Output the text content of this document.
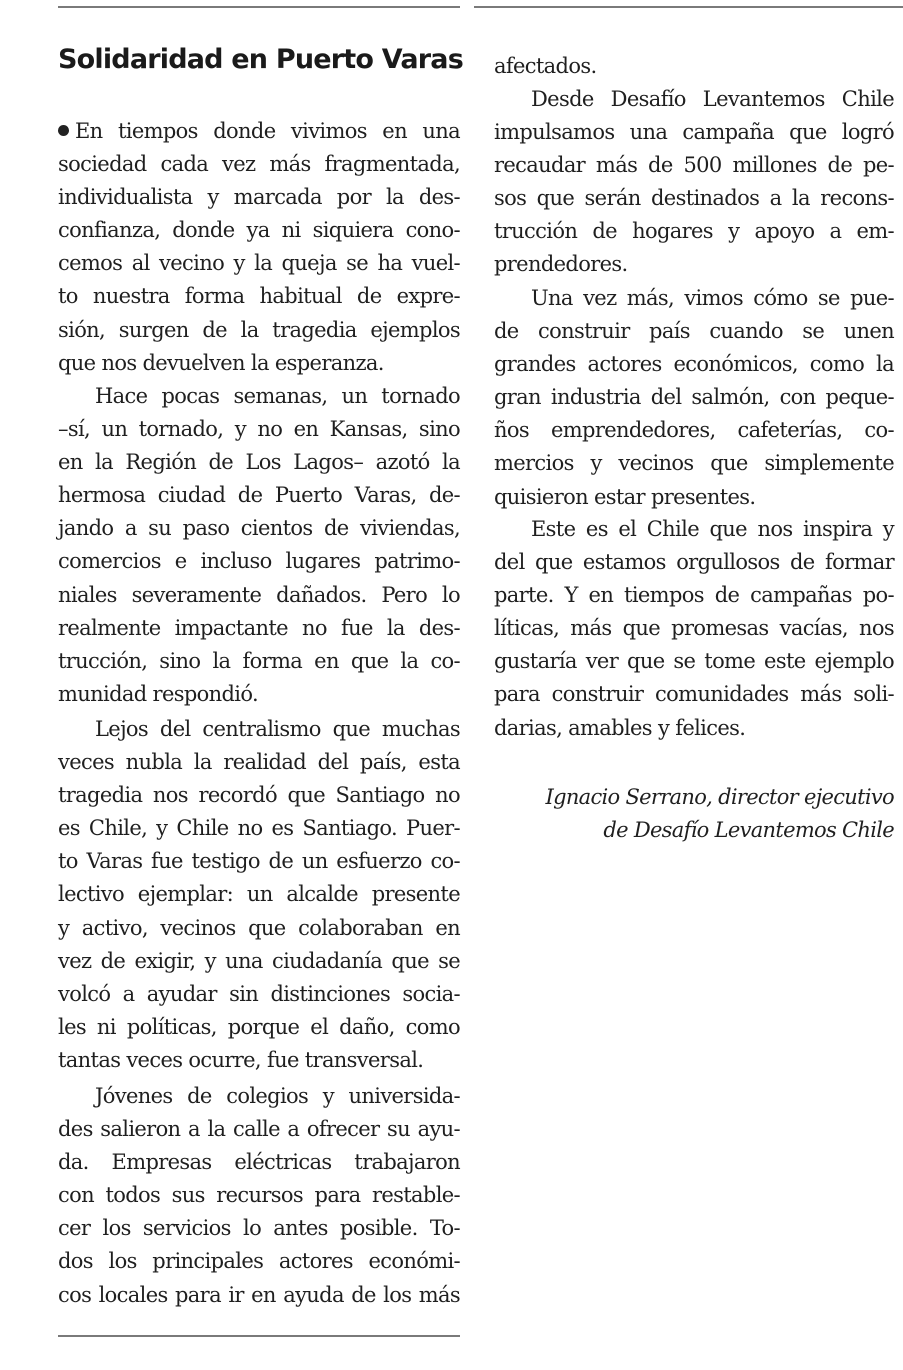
Solidaridad en Puerto Varas

En tiempos donde vivimos en una
sociedad cada vez más fragmentada,
individualista y marcada por la des-
confianza, donde ya ni siquiera cono-
cemos al vecino y la queja se ha vuel-
to nuestra forma habitual de expre-
sión, surgen de la tragedia ejemplos
que nos devuelven la esperanza.

Hace pocas semanas, un tornado
–sí, un tornado, y no en Kansas, sino
en la Región de Los Lagos– azotó la
hermosa ciudad de Puerto Varas, de-
jando a su paso cientos de viviendas,
comercios e incluso lugares patrimo-
niales severamente dañados. Pero lo
realmente impactante no fue la des-
trucción, sino la forma en que la co-
munidad respondió.

Lejos del centralismo que muchas
veces nubla la realidad del país, esta
tragedia nos recordó que Santiago no
es Chile, y Chile no es Santiago. Puer-
to Varas fue testigo de un esfuerzo co-
lectivo ejemplar: un alcalde presente
y activo, vecinos que colaboraban en
vez de exigir, y una ciudadanía que se
volcó a ayudar sin distinciones socia-
les ni políticas, porque el daño, como
tantas veces ocurre, fue transversal.

Jóvenes de colegios y universida-
des salieron a la calle a ofrecer su ayu-
da. Empresas eléctricas trabajaron
con todos sus recursos para restable-
cer los servicios lo antes posible. To-
dos los principales actores económi-
cos locales para ir en ayuda de los más

afectados.

Desde Desafío Levantemos Chile
impulsamos una campaña que logró
recaudar más de 500 millones de pe-
sos que serán destinados a la recons-
trucción de hogares y apoyo a em-
prendedores.

Una vez más, vimos cómo se pue-
de construir país cuando se unen
grandes actores económicos, como la
gran industria del salmón, con peque-
ños emprendedores, cafeterías, co-
mercios y vecinos que simplemente
quisieron estar presentes.

Este es el Chile que nos inspira y
del que estamos orgullosos de formar
parte. Y en tiempos de campañas po-
líticas, más que promesas vacías, nos
gustaría ver que se tome este ejemplo
para construir comunidades más soli-
darias, amables y felices.

Ignacio Serrano, director ejecutivo
de Desafío Levantemos Chile
